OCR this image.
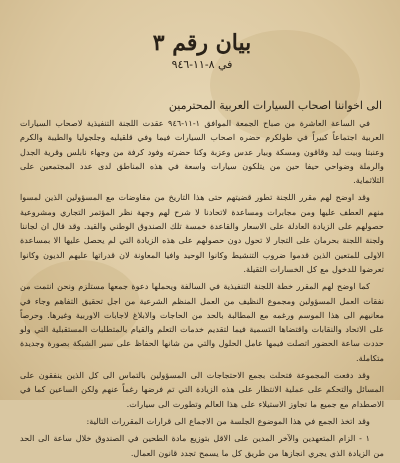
بيان رقم ٣
في ٨-١١-٩٤٦
الى اخواننا اصحاب السيارات العربية المحترمين

في الساعة العاشرة من صباح الجمعة الموافق ١-١١-٩٤٦ عقدت اللجنة التنفيذية لاصحاب السيارات العربية اجتماعاً كبيراً في طولكرم حضره اصحاب السيارات فيما وفي قلقيليه وجلجوليا والطيبة والكرم وعنبتا وبيت ليد وقاقون ومسكة وبيار عدس وعزبة وكنا حضرته وفود كرفة من وجهاء نابلس وقرية الجدل والرملة وضواحي حيفا حين من يتلكون سيارات واسعة في هذه المناطق لدى عدد المجتمعين على الثلاثماية.

وقد اوضح لهم مقرر اللجنة تطور قضيتهم حتى هذا التاريخ من مفاوضات مع المسؤولين الذين لمسوا منهم العطف عليها ومن مجابرات ومساعدة لاتحادنا لا شرح لهم وجهة نظر المؤتمر التجاري ومشروعية حصولهم على الزيادة العادلة على الاسعار والقاعدة خمسة تلك الصندوق الوطني والقيد. وقد قال ان لجاننا ولجنة اللجنة بحرمان على التجار لا تحول دون حصولهم على هذه الزيادة التي لم يحصل عليها الا بمساعدة الاولى للمتعين الذين قدموا ضروب التنشيط وكانوا الوحيد وافيا المعاونة لان قدراتها عليهم الديون وكانوا تعرضوا للدخول مع كل الخسارات الثقيلة.

كما اوضح لهم المقرر خطة اللجنة التنفيذية في السالفة ويحملها دعوة جمعها مستلزم ونحن انتمت من نفقات العمل المسؤولين ومجموع النظيف من العمل المنظم الشرعية من اجل تحقيق التفاهم وجاء في معانيهم الى هذا الموسم ورغمه مع المطالبة بالحد من الحاجات والابلاغ لاجابات الاوربية وغيرها. وحرصاً على الاتحاد والنقابات واقتضاها التسمية فيما لتقديم خدمات التعلم والقيام بالمتطلبات المستقبلية التي ولو حددت ساعة الحضور اتصلت فيمها عامل الحلول والتي من شانها الحفاظ على سير الشبكة بصورة وجديدة متكاملة.

وقد دفعت المجموعة فتحلت بجمع الاحتجاجات الى المسؤولين بالتماس الى كل الذين ينفقون على المسائل والتحكم على عملية الانتظار على هذه الزيادة التي تم فرضها رغماً عنهم ولكن الساعين كما في الاصطدام مع جميع ما تجاوز الاستيلاء على هذا العالم وتطورت الى سيارات.

وقد اتخذ الجمع في هذا الموضوع الجلسة من الاجماع الى قرارات المقررات التالية:

١ - الزام المتعهدين والآخر المدين على الاقل بتوزيع مادة الطحين في الصندوق خلال ساعة الى الحد من الزيادة الذي يجري انجازها من طريق كل ما يسمح تجدد قانون العمال.
